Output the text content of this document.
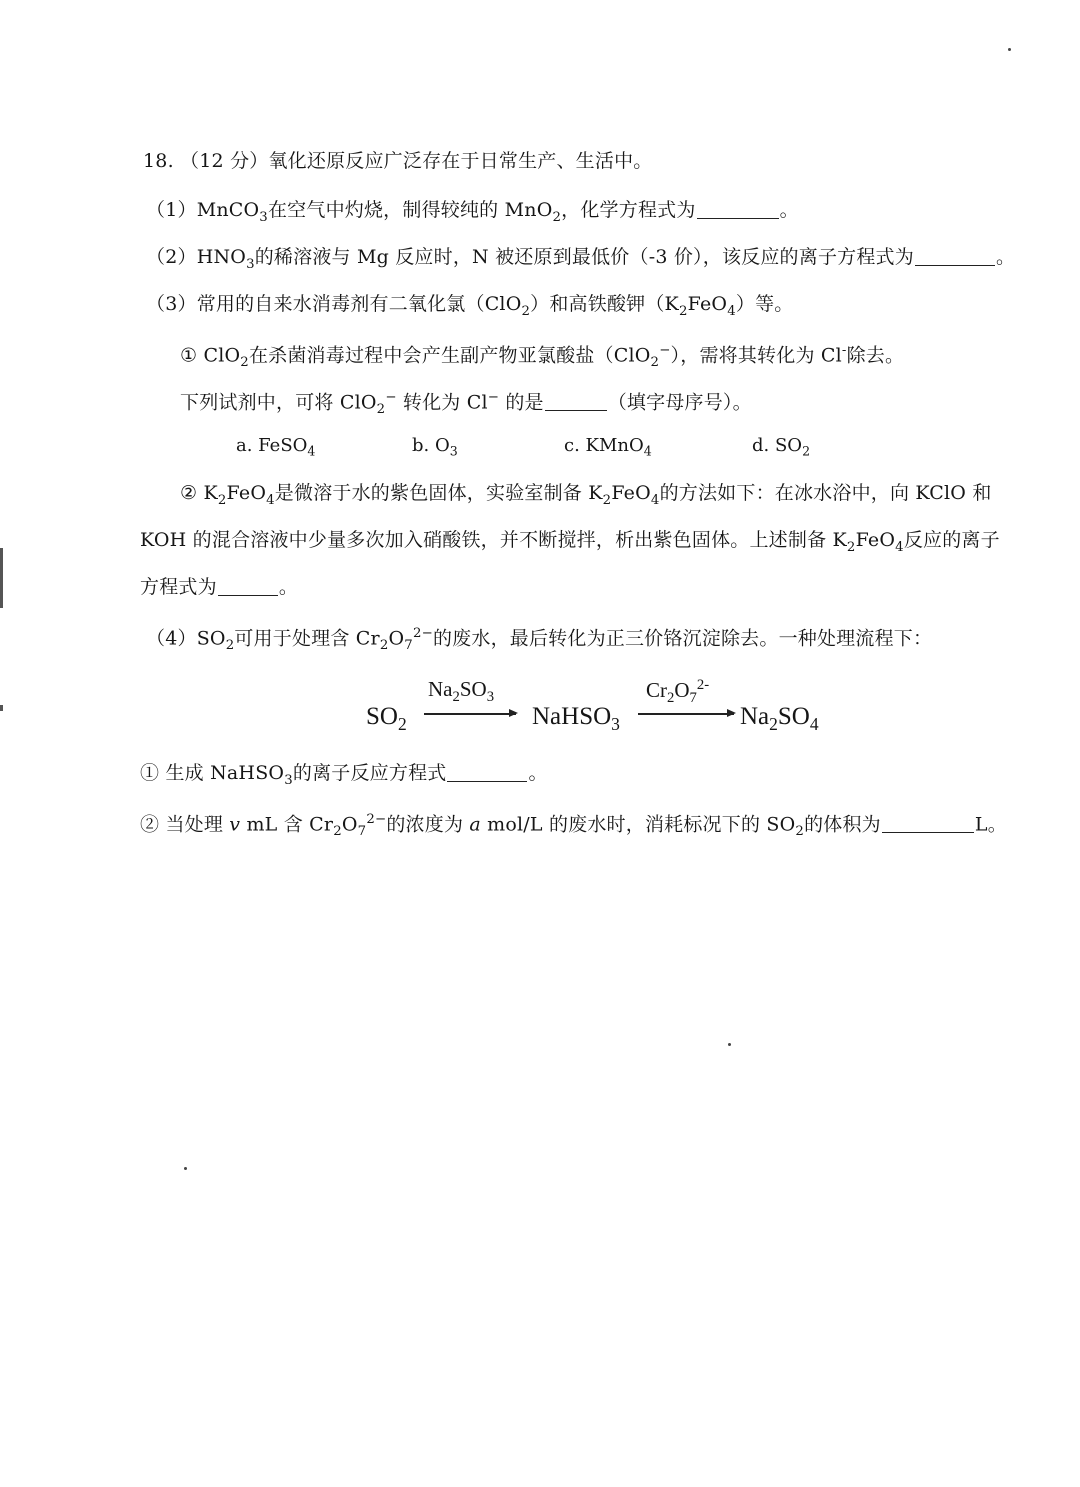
18. （12 分）氧化还原反应广泛存在于日常生产、生活中。
（1）MnCO$_3$在空气中灼烧，制得较纯的 MnO$_2$，化学方程式为	。
$(2)HNO_3$的稀溶液与 Mg 反应时，N 被还原到最低价（-3 价），该反应的离子方程式为	。
（3）常用的自来水消毒剂有二氧化氯（ClO$_2$）和高铁酸钾$(K_2FeO_4)$等。
① ClO$_2$在杀菌消毒过程中会产生副产物亚氯酸盐（ClO$_2$−），需将其转化为 Cl-除去。
下列试剂中，可将 ClO$_2$− 转化为 Cl− 的是	（填字母序号）。
a. FeSO$_4$	b. $O_3$	c. KMnO$_4$	d. $SO_2$
② $K_2FeO_4$是微溶于水的紫色固体，实验室制备 $K_2FeO_4$的方法如下：在冰水浴中，向 KClO 和
KOH 的混合溶液中少量多次加入硝酸铁，并不断搅拌，析出紫色固体。上述制备 $K_2FeO_4$反应的离子
方程式为	。
$(4)SO_2$可用于处理含 $Cr_2O_7^{2-}$的废水，最后转化为正三价铬沉淀除去。一种处理流程下：
$SO_2$
$Na_2SO_3$
NaHSO$_3$
$Cr_2O_7^{2-}$
$Na_2SO_4$
① 生成 NaHSO$_3$的离子反应方程式	。
② 当处理 v mL 含 $Cr_2O_7^{2-}$的浓度为 a mol/L 的废水时，消耗标况下的 $SO_2$的体积为	L。
